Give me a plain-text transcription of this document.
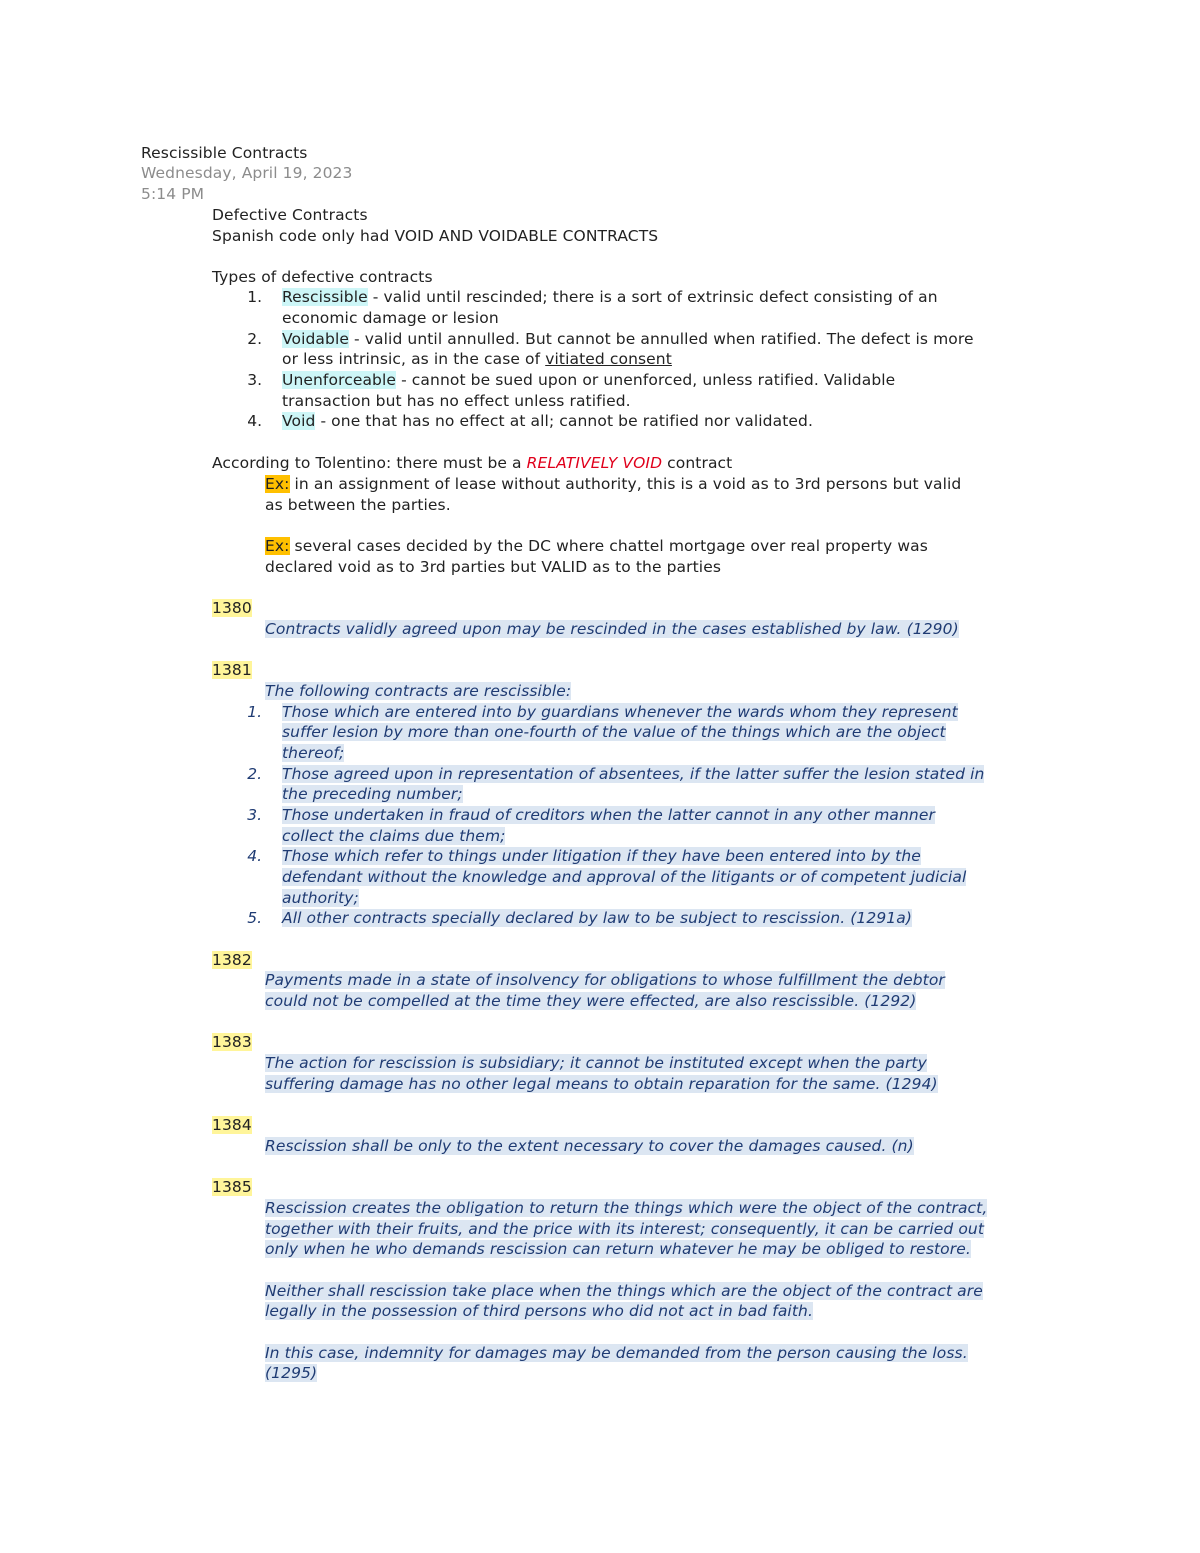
Rescissible Contracts
Wednesday, April 19, 2023
5:14 PM
Defective Contracts
Spanish code only had VOID AND VOIDABLE CONTRACTS
Types of defective contracts
1. Rescissible - valid until rescinded; there is a sort of extrinsic defect consisting of an
economic damage or lesion
2. Voidable - valid until annulled. But cannot be annulled when ratified. The defect is more
or less intrinsic, as in the case of vitiated consent
3. Unenforceable - cannot be sued upon or unenforced, unless ratified. Validable
transaction but has no effect unless ratified.
4. Void - one that has no effect at all; cannot be ratified nor validated.
According to Tolentino: there must be a RELATIVELY VOID contract
Ex: in an assignment of lease without authority, this is a void as to 3rd persons but valid
as between the parties.
Ex: several cases decided by the DC where chattel mortgage over real property was
declared void as to 3rd parties but VALID as to the parties
1380
Contracts validly agreed upon may be rescinded in the cases established by law. (1290)
1381
The following contracts are rescissible:
1. Those which are entered into by guardians whenever the wards whom they represent
suffer lesion by more than one-fourth of the value of the things which are the object
thereof;
2. Those agreed upon in representation of absentees, if the latter suffer the lesion stated in
the preceding number;
3. Those undertaken in fraud of creditors when the latter cannot in any other manner
collect the claims due them;
4. Those which refer to things under litigation if they have been entered into by the
defendant without the knowledge and approval of the litigants or of competent judicial
authority;
5. All other contracts specially declared by law to be subject to rescission. (1291a)
1382
Payments made in a state of insolvency for obligations to whose fulfillment the debtor
could not be compelled at the time they were effected, are also rescissible. (1292)
1383
The action for rescission is subsidiary; it cannot be instituted except when the party
suffering damage has no other legal means to obtain reparation for the same. (1294)
1384
Rescission shall be only to the extent necessary to cover the damages caused. (n)
1385
Rescission creates the obligation to return the things which were the object of the contract,
together with their fruits, and the price with its interest; consequently, it can be carried out
only when he who demands rescission can return whatever he may be obliged to restore.
Neither shall rescission take place when the things which are the object of the contract are
legally in the possession of third persons who did not act in bad faith.
In this case, indemnity for damages may be demanded from the person causing the loss.
(1295)
